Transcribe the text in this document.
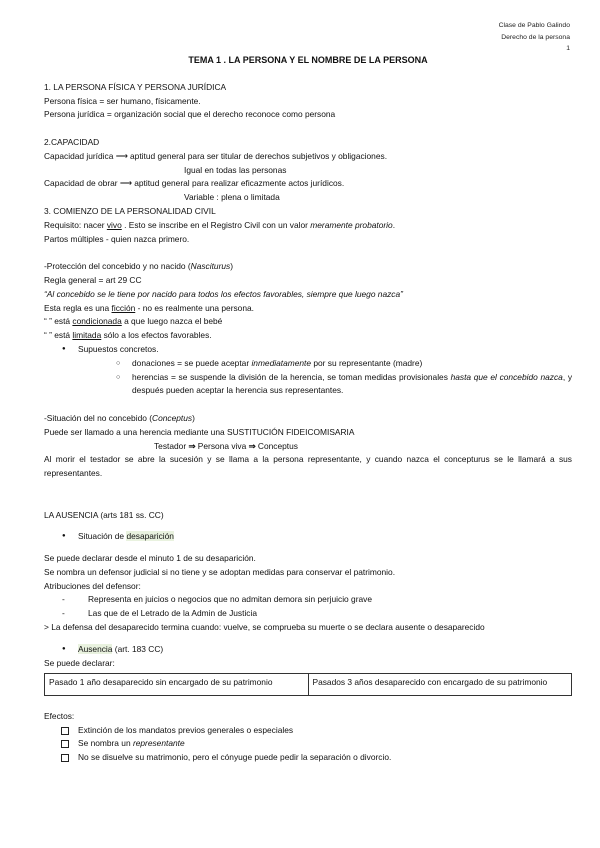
Clase de Pablo Galindo
Derecho de la persona
1
TEMA 1 . LA PERSONA Y EL NOMBRE DE LA PERSONA

1. LA PERSONA FÍSICA Y PERSONA JURÍDICA

Persona física = ser humano, físicamente.

Persona jurídica = organización social que el derecho reconoce como persona

2.CAPACIDAD

Capacidad jurídica ⟶ aptitud general para ser titular de derechos subjetivos y obligaciones.

Igual en todas las personas

Capacidad de obrar ⟶ aptitud general para realizar eficazmente actos jurídicos.

Variable : plena o limitada

3. COMIENZO DE LA PERSONALIDAD CIVIL

Requisito: nacer vivo . Esto se inscribe en el Registro Civil con un valor meramente probatorio.

Partos múltiples - quien nazca primero.

-Protección del concebido y no nacido (Nasciturus)

Regla general = art 29 CC

“Al concebido se le tiene por nacido para todos los efectos favorables, siempre que luego nazca”

Esta regla es una ficción - no es realmente una persona.

“ ” está condicionada a que luego nazca el bebé

“ ” está limitada sólo a los efectos favorables.

● Supuestos concretos.
○ donaciones = se puede aceptar inmediatamente por su representante (madre)
○ herencias = se suspende la división de la herencia, se toman medidas provisionales hasta que el concebido nazca, y después pueden aceptar la herencia sus representantes.

-Situación del no concebido (Conceptus)

Puede ser llamado a una herencia mediante una SUSTITUCIÓN FIDEICOMISARIA

Testador ⇒ Persona viva ⇒ Conceptus

Al morir el testador se abre la sucesión y se llama a la persona representante, y cuando nazca el concepturus se le llamará a sus representantes.

LA AUSENCIA (arts 181 ss. CC)

● Situación de desaparición

Se puede declarar desde el minuto 1 de su desaparición.

Se nombra un defensor judicial si no tiene y se adoptan medidas para conservar el patrimonio.

Atribuciones del defensor:

- Representa en juicios o negocios que no admitan demora sin perjuicio grave
- Las que de el Letrado de la Admin de Justicia

> La defensa del desaparecido termina cuando: vuelve, se comprueba su muerte o se declara ausente o desaparecido

● Ausencia (art. 183 CC)

Se puede declarar:

Pasado 1 año desaparecido sin encargado de su patrimonio	Pasados 3 años desaparecido con encargado de su patrimonio

Efectos:

Extinción de los mandatos previos generales o especiales
Se nombra un representante
No se disuelve su matrimonio, pero el cónyuge puede pedir la separación o divorcio.
